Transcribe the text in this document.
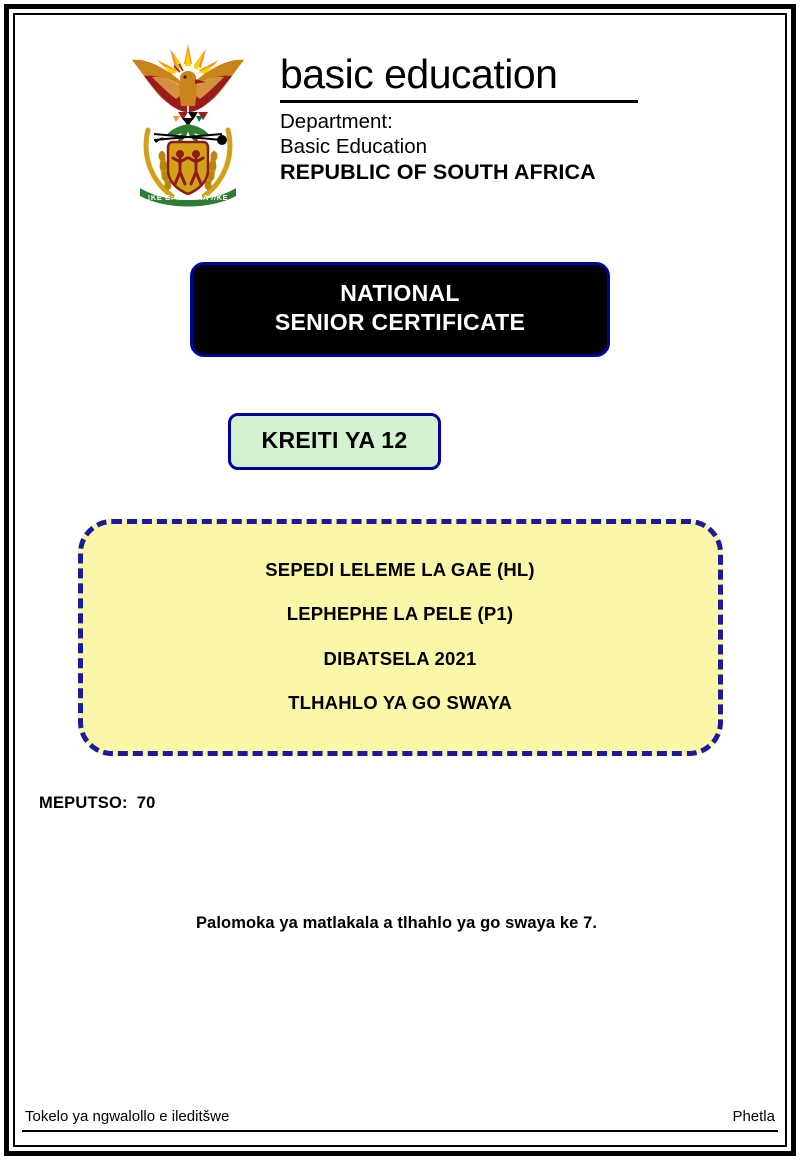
!KE E: /XARRA //KE
basic education
Department:
Basic Education
REPUBLIC OF SOUTH AFRICA
NATIONAL
SENIOR CERTIFICATE
KREITI YA 12

SEPEDI LELEME LA GAE (HL)

LEPHEPHE LA PELE (P1)

DIBATSELA 2021

TLHAHLO YA GO SWAYA

MEPUTSO: 70
Palomoka ya matlakala a tlhahlo ya go swaya ke 7.
Tokelo ya ngwalollo e ileditšwe	Phetla
